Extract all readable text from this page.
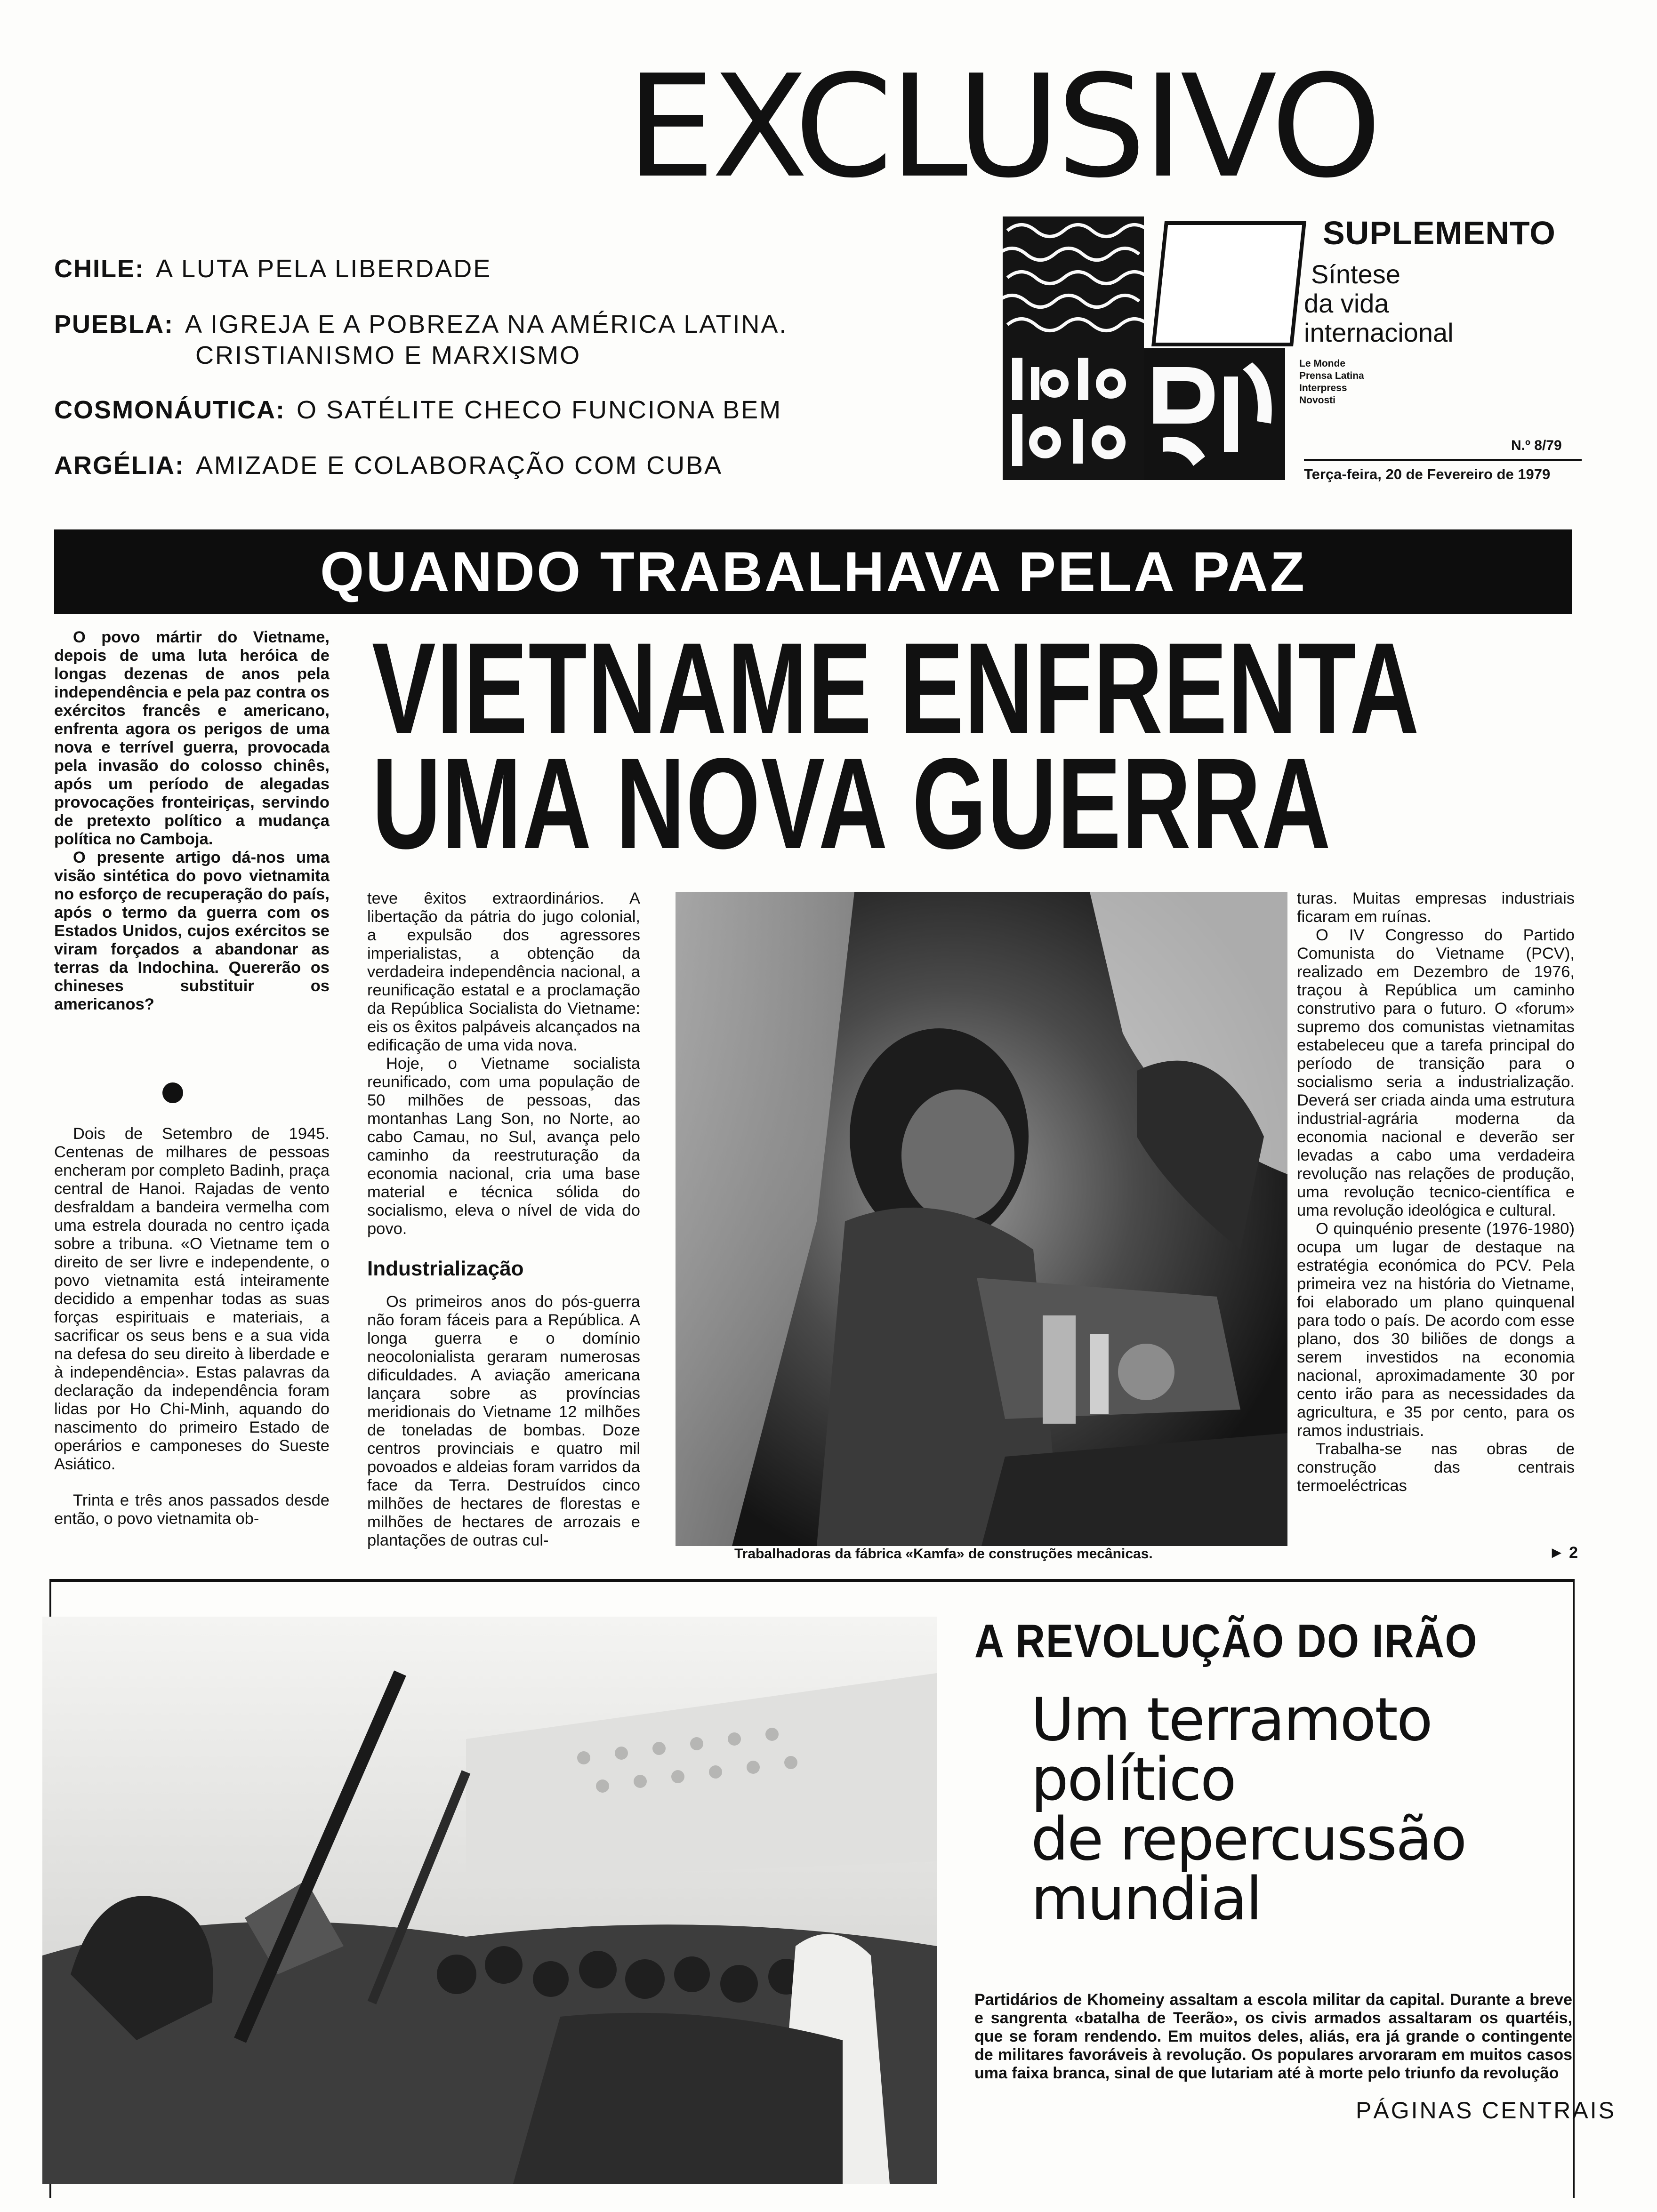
EXCLUSIVO
CHILE: A LUTA PELA LIBERDADE
PUEBLA: A IGREJA E A POBREZA NA AMÉRICA LATINA.
CRISTIANISMO E MARXISMO
COSMONÁUTICA: O SATÉLITE CHECO FUNCIONA BEM
ARGÉLIA: AMIZADE E COLABORAÇÃO COM CUBA
SUPLEMENTO
Síntese
da vida
internacional
Le Monde
Prensa Latina
Interpress
Novosti
N.º 8/79
Terça-feira, 20 de Fevereiro de 1979
QUANDO TRABALHAVA PELA PAZ
VIETNAME ENFRENTA
UMA NOVA GUERRA

O povo mártir do Vietname, depois de uma luta heróica de longas dezenas de anos pela independência e pela paz contra os exércitos francês e americano, enfrenta agora os perigos de uma nova e terrível guerra, provocada pela invasão do colosso chinês, após um período de alegadas provocações fronteiriças, servindo de pretexto político a mudança política no Camboja.

O presente artigo dá-nos uma visão sintética do povo vietnamita no esforço de recuperação do país, após o termo da guerra com os Estados Unidos, cujos exércitos se viram forçados a abandonar as terras da Indochina. Quererão os chineses substituir os americanos?

Dois de Setembro de 1945. Centenas de milhares de pessoas encheram por completo Badinh, praça central de Hanoi. Rajadas de vento desfraldam a bandeira vermelha com uma estrela dourada no centro içada sobre a tribuna. «O Vietname tem o direito de ser livre e independente, o povo vietnamita está inteiramente decidido a empenhar todas as suas forças espirituais e materiais, a sacrificar os seus bens e a sua vida na defesa do seu direito à liberdade e à independência». Estas palavras da declaração da independência foram lidas por Ho Chi-Minh, aquando do nascimento do primeiro Estado de operários e camponeses do Sueste Asiático.

Trinta e três anos passados desde então, o povo vietnamita ob-

teve êxitos extraordinários. A libertação da pátria do jugo colonial, a expulsão dos agressores imperialistas, a obtenção da verdadeira independência nacional, a reunificação estatal e a proclamação da República Socialista do Vietname: eis os êxitos palpáveis alcançados na edificação de uma vida nova.

Hoje, o Vietname socialista reunificado, com uma população de 50 milhões de pessoas, das montanhas Lang Son, no Norte, ao cabo Camau, no Sul, avança pelo caminho da reestruturação da economia nacional, cria uma base material e técnica sólida do socialismo, eleva o nível de vida do povo.

Industrialização

Os primeiros anos do pós-guerra não foram fáceis para a República. A longa guerra e o domínio neocolonialista geraram numerosas dificuldades. A aviação americana lançara sobre as províncias meridionais do Vietname 12 milhões de toneladas de bombas. Doze centros provinciais e quatro mil povoados e aldeias foram varridos da face da Terra. Destruídos cinco milhões de hectares de florestas e milhões de hectares de arrozais e plantações de outras cul-

Trabalhadoras da fábrica «Kamfa» de construções mecânicas.

turas. Muitas empresas industriais ficaram em ruínas.

O IV Congresso do Partido Comunista do Vietname (PCV), realizado em Dezembro de 1976, traçou à República um caminho construtivo para o futuro. O «forum» supremo dos comunistas vietnamitas estabeleceu que a tarefa principal do período de transição para o socialismo seria a industrialização. Deverá ser criada ainda uma estrutura industrial-agrária moderna da economia nacional e deverão ser levadas a cabo uma verdadeira revolução nas relações de produção, uma revolução tecnico-científica e uma revolução ideológica e cultural.

O quinquénio presente (1976-1980) ocupa um lugar de destaque na estratégia económica do PCV. Pela primeira vez na história do Vietname, foi elaborado um plano quinquenal para todo o país. De acordo com esse plano, dos 30 biliões de dongs a serem investidos na economia nacional, aproximadamente 30 por cento irão para as necessidades da agricultura, e 35 por cento, para os ramos industriais.

Trabalha-se nas obras de construção das centrais termoeléctricas

► 2
A REVOLUÇÃO DO IRÃO
Um terramoto
político
de repercussão
mundial
Partidários de Khomeiny assaltam a escola militar da capital. Durante a breve e sangrenta «batalha de Teerão», os civis armados assaltaram os quartéis, que se foram rendendo. Em muitos deles, aliás, era já grande o contingente de militares favoráveis à revolução. Os populares arvoraram em muitos casos uma faixa branca, sinal de que lutariam até à morte pelo triunfo da revolução
PÁGINAS CENTRAIS
